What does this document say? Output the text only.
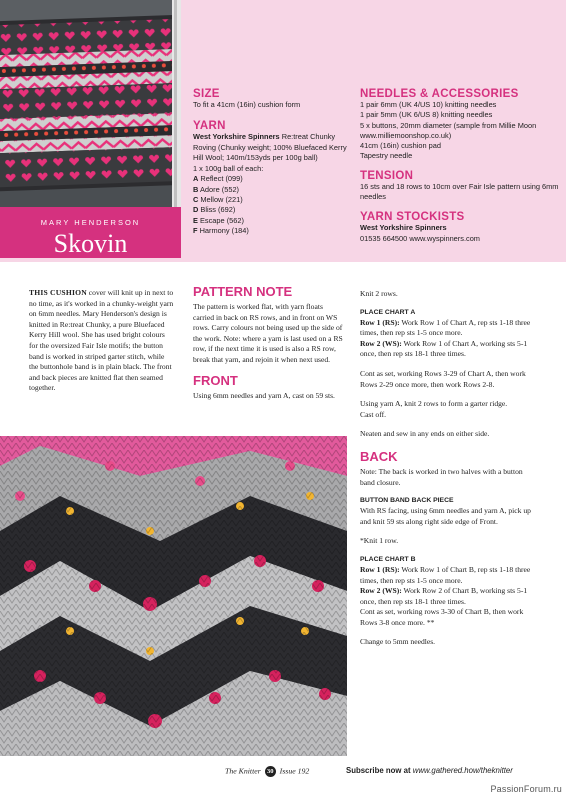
MARY HENDERSON
Skovin
SIZE
To fit a 41cm (16in) cushion form
YARN
West Yorkshire Spinners Re:treat Chunky Roving (Chunky weight; 100% Bluefaced Kerry Hill Wool; 140m/153yds per 100g ball)
1 x 100g ball of each:
A Reflect (099)
B Adore (552)
C Mellow (221)
D Bliss (692)
E Escape (562)
F Harmony (184)
NEEDLES & ACCESSORIES
1 pair 6mm (UK 4/US 10) knitting needles
1 pair 5mm (UK 6/US 8) knitting needles
5 x buttons, 20mm diameter (sample from Millie Moon www.milliemoonshop.co.uk)
41cm (16in) cushion pad
Tapestry needle
TENSION
16 sts and 18 rows to 10cm over Fair Isle pattern using 6mm needles
YARN STOCKISTS
West Yorkshire Spinners
01535 664500 www.wyspinners.com
THIS CUSHION cover will knit up in next to no time, as it's worked in a chunky-weight yarn on 6mm needles. Mary Henderson's design is knitted in Re:treat Chunky, a pure Bluefaced Kerry Hill wool. She has used bright colours for the oversized Fair Isle motifs; the button band is worked in striped garter stitch, while the buttonhole band is in plain black. The front and back pieces are knitted flat then seamed together.
PATTERN NOTE
The pattern is worked flat, with yarn floats carried in back on RS rows, and in front on WS rows. Carry colours not being used up the side of the work. Note: where a yarn is last used on a RS row, if the next time it is used is also a RS row, break that yarn, and rejoin it when next used.
FRONT
Using 6mm needles and yarn A, cast on 59 sts.
Knit 2 rows.
PLACE CHART A
Row 1 (RS): Work Row 1 of Chart A, rep sts 1-18 three times, then rep sts 1-5 once more.
Row 2 (WS): Work Row 1 of Chart A, working sts 5-1 once, then rep sts 18-1 three times.
Cont as set, working Rows 3-29 of Chart A, then work Rows 2-29 once more, then work Rows 2-8.
Using yarn A, knit 2 rows to form a garter ridge.
Cast off.
Neaten and sew in any ends on either side.
BACK
Note: The back is worked in two halves with a button band closure.
BUTTON BAND BACK PIECE
With RS facing, using 6mm needles and yarn A, pick up and knit 59 sts along right side edge of Front.
*Knit 1 row.
PLACE CHART B
Row 1 (RS): Work Row 1 of Chart B, rep sts 1-18 three times, then rep sts 1-5 once more.
Row 2 (WS): Work Row 2 of Chart B, working sts 5-1 once, then rep sts 18-1 three times.
Cont as set, working rows 3-30 of Chart B, then work Rows 3-8 once more. **
Change to 5mm needles.
The Knitter 30 Issue 192	Subscribe now at www.gathered.how/theknitter
PassionForum.ru
